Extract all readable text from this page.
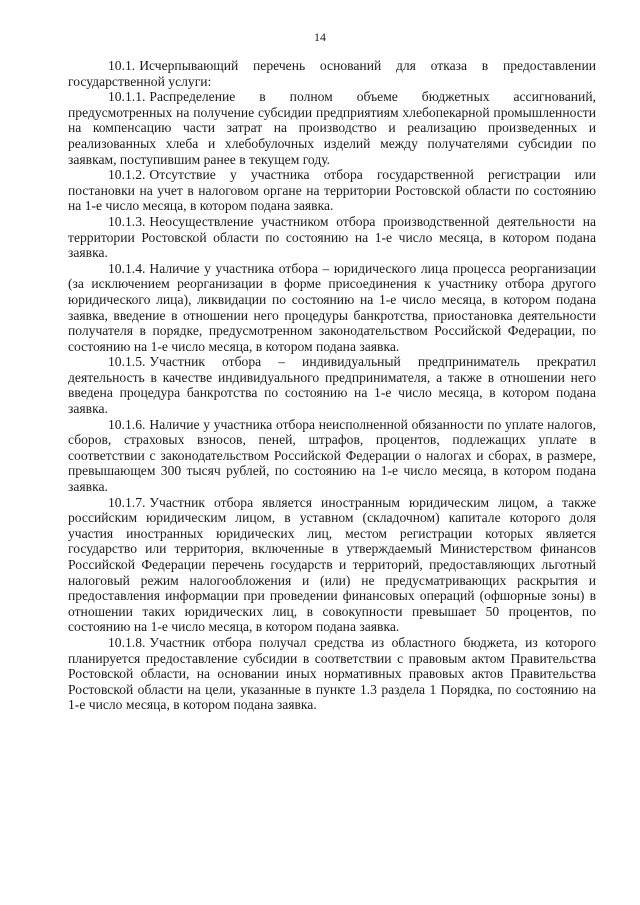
14

10.1. Исчерпывающий перечень оснований для отказа в предоставлении государственной услуги:

10.1.1. Распределение в полном объеме бюджетных ассигнований, предусмотренных на получение субсидии предприятиям хлебопекарной промышленности на компенсацию части затрат на производство и реализацию произведенных и реализованных хлеба и хлебобулочных изделий между получателями субсидии по заявкам, поступившим ранее в текущем году.

10.1.2. Отсутствие у участника отбора государственной регистрации или постановки на учет в налоговом органе на территории Ростовской области по состоянию на 1-е число месяца, в котором подана заявка.

10.1.3. Неосуществление участником отбора производственной деятельности на территории Ростовской области по состоянию на 1-е число месяца, в котором подана заявка.

10.1.4. Наличие у участника отбора – юридического лица процесса реорганизации (за исключением реорганизации в форме присоединения к участнику отбора другого юридического лица), ликвидации по состоянию на 1-е число месяца, в котором подана заявка, введение в отношении него процедуры банкротства, приостановка деятельности получателя в порядке, предусмотренном законодательством Российской Федерации, по состоянию на 1-е число месяца, в котором подана заявка.

10.1.5. Участник отбора – индивидуальный предприниматель прекратил деятельность в качестве индивидуального предпринимателя, а также в отношении него введена процедура банкротства по состоянию на 1-е число месяца, в котором подана заявка.

10.1.6. Наличие у участника отбора неисполненной обязанности по уплате налогов, сборов, страховых взносов, пеней, штрафов, процентов, подлежащих уплате в соответствии с законодательством Российской Федерации о налогах и сборах, в размере, превышающем 300 тысяч рублей, по состоянию на 1-е число месяца, в котором подана заявка.

10.1.7. Участник отбора является иностранным юридическим лицом, а также российским юридическим лицом, в уставном (складочном) капитале которого доля участия иностранных юридических лиц, местом регистрации которых является государство или территория, включенные в утверждаемый Министерством финансов Российской Федерации перечень государств и территорий, предоставляющих льготный налоговый режим налогообложения и (или) не предусматривающих раскрытия и предоставления информации при проведении финансовых операций (офшорные зоны) в отношении таких юридических лиц, в совокупности превышает 50 процентов, по состоянию на 1-е число месяца, в котором подана заявка.

10.1.8. Участник отбора получал средства из областного бюджета, из которого планируется предоставление субсидии в соответствии с правовым актом Правительства Ростовской области, на основании иных нормативных правовых актов Правительства Ростовской области на цели, указанные в пункте 1.3 раздела 1 Порядка, по состоянию на 1-е число месяца, в котором подана заявка.
